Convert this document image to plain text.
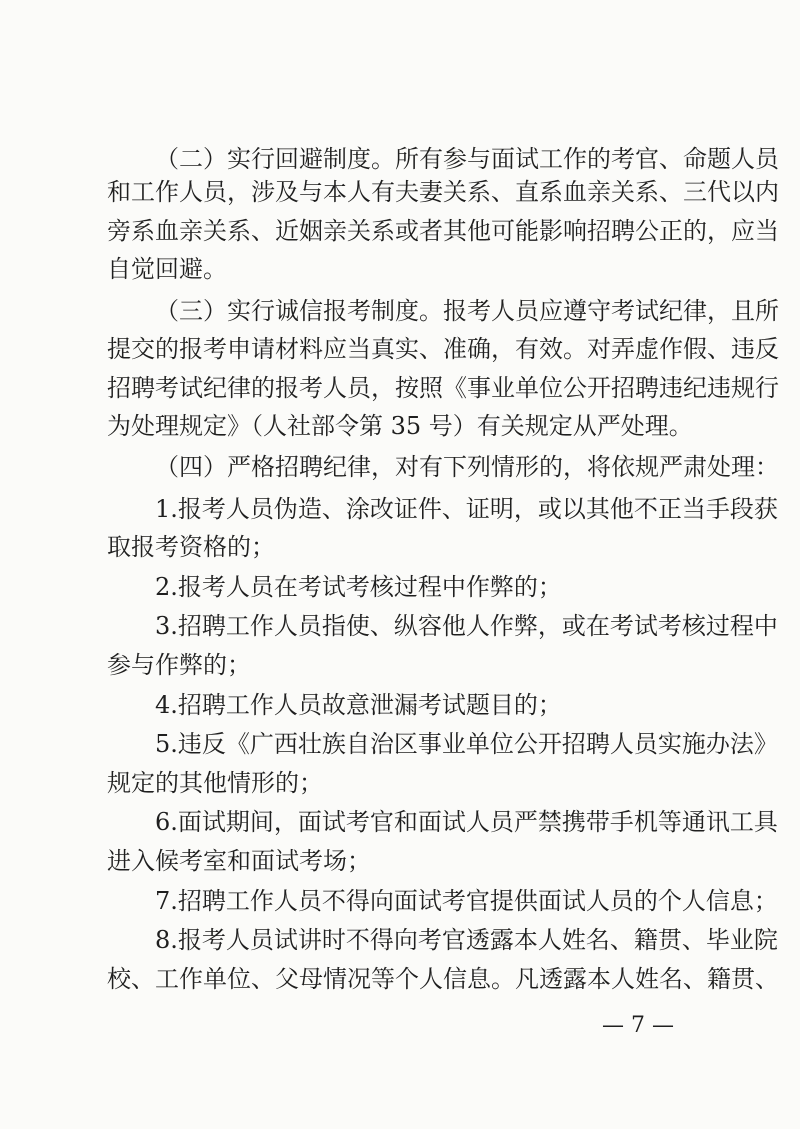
（二）实行回避制度。所有参与面试工作的考官、命题人员
和工作人员，涉及与本人有夫妻关系、直系血亲关系、三代以内
旁系血亲关系、近姻亲关系或者其他可能影响招聘公正的，应当
自觉回避。
（三）实行诚信报考制度。报考人员应遵守考试纪律，且所
提交的报考申请材料应当真实、准确，有效。对弄虚作假、违反
招聘考试纪律的报考人员，按照《事业单位公开招聘违纪违规行
为处理规定》（人社部令第 35 号）有关规定从严处理。
（四）严格招聘纪律，对有下列情形的，将依规严肃处理：
1.报考人员伪造、涂改证件、证明，或以其他不正当手段获
取报考资格的；
2.报考人员在考试考核过程中作弊的；
3.招聘工作人员指使、纵容他人作弊，或在考试考核过程中
参与作弊的；
4.招聘工作人员故意泄漏考试题目的；
5.违反《广西壮族自治区事业单位公开招聘人员实施办法》
规定的其他情形的；
6.面试期间，面试考官和面试人员严禁携带手机等通讯工具
进入候考室和面试考场；
7.招聘工作人员不得向面试考官提供面试人员的个人信息；
8.报考人员试讲时不得向考官透露本人姓名、籍贯、毕业院
校、工作单位、父母情况等个人信息。凡透露本人姓名、籍贯、
— 7 —
